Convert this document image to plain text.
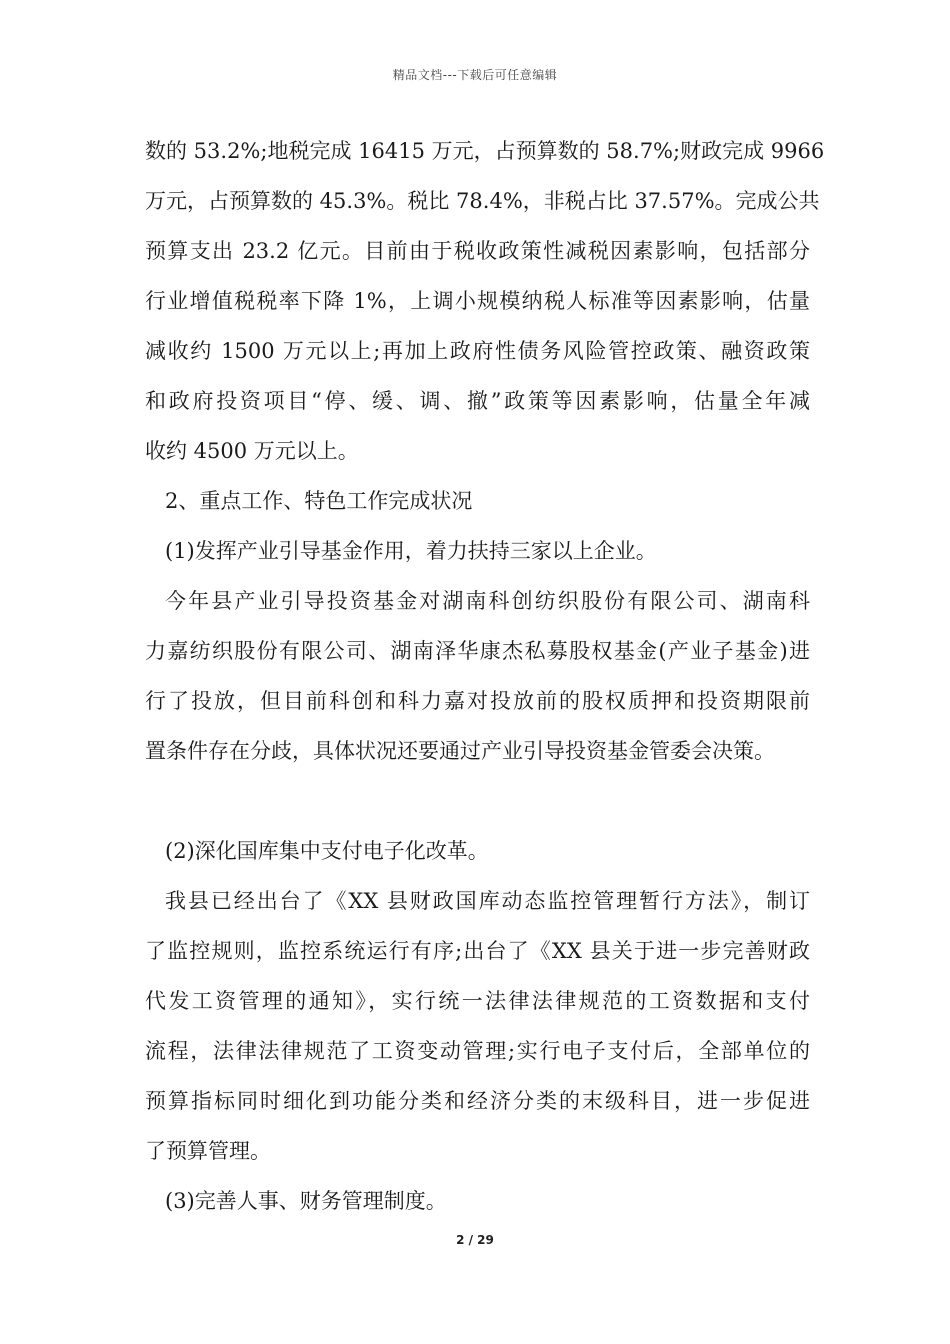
精品文档---下载后可任意编辑
数的 53.2%;地税完成 16415 万元，占预算数的 58.7%;财政完成 9966
万元，占预算数的 45.3%。税比 78.4%，非税占比 37.57%。完成公共
预算支出 23.2 亿元。目前由于税收政策性减税因素影响，包括部分
行业增值税税率下降 1%，上调小规模纳税人标准等因素影响，估量
减收约 1500 万元以上;再加上政府性债务风险管控政策、融资政策
和政府投资项目“停、缓、调、撤”政策等因素影响，估量全年减
收约 4500 万元以上。
2、重点工作、特色工作完成状况
(1)发挥产业引导基金作用，着力扶持三家以上企业。
今年县产业引导投资基金对湖南科创纺织股份有限公司、湖南科
力嘉纺织股份有限公司、湖南泽华康杰私募股权基金(产业子基金)进
行了投放，但目前科创和科力嘉对投放前的股权质押和投资期限前
置条件存在分歧，具体状况还要通过产业引导投资基金管委会决策。
(2)深化国库集中支付电子化改革。
我县已经出台了《XX 县财政国库动态监控管理暂行方法》，制订
了监控规则，监控系统运行有序;出台了《XX 县关于进一步完善财政
代发工资管理的通知》，实行统一法律法律规范的工资数据和支付
流程，法律法律规范了工资变动管理;实行电子支付后，全部单位的
预算指标同时细化到功能分类和经济分类的末级科目，进一步促进
了预算管理。
(3)完善人事、财务管理制度。
2 / 29
